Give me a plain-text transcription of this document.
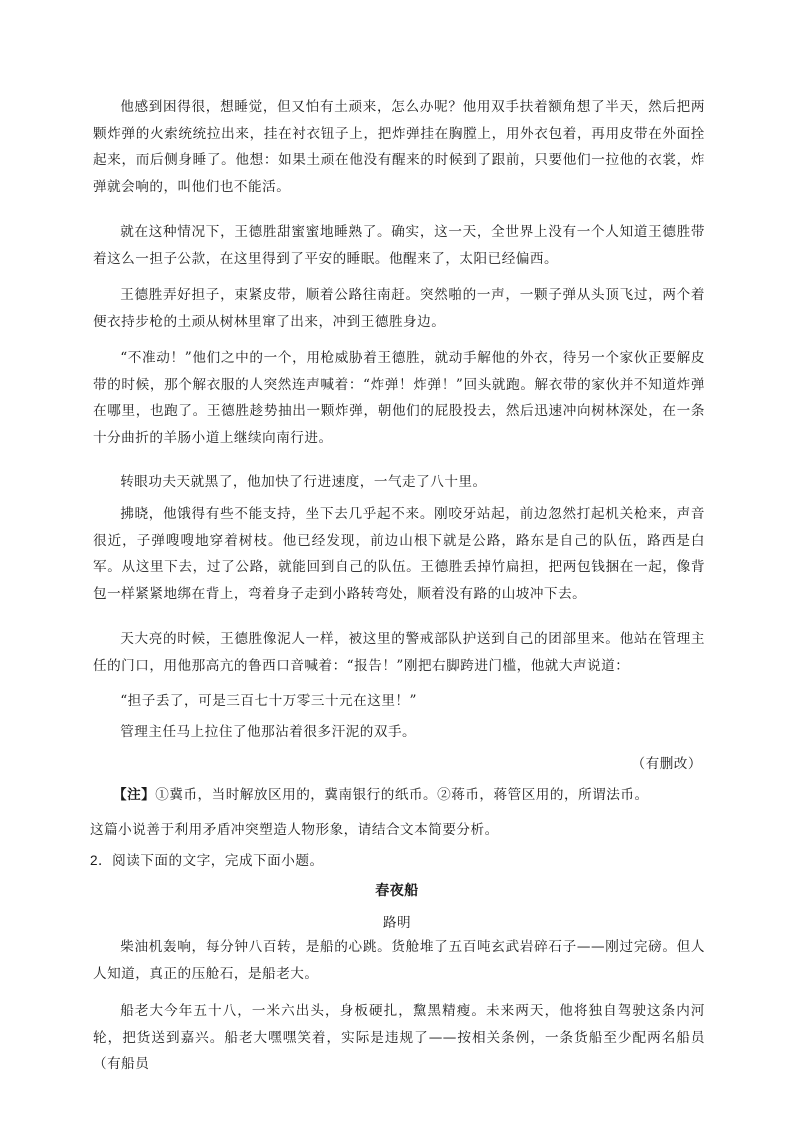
他感到困得很，想睡觉，但又怕有土顽来，怎么办呢？他用双手扶着额角想了半天，然后把两颗炸弹的火索统统拉出来，挂在衬衣钮子上，把炸弹挂在胸膛上，用外衣包着，再用皮带在外面拴起来，而后侧身睡了。他想：如果土顽在他没有醒来的时候到了跟前，只要他们一拉他的衣裳，炸弹就会响的，叫他们也不能活。

就在这种情况下，王德胜甜蜜蜜地睡熟了。确实，这一天，全世界上没有一个人知道王德胜带着这么一担子公款，在这里得到了平安的睡眠。他醒来了，太阳已经偏西。

王德胜弄好担子，束紧皮带，顺着公路往南赶。突然啪的一声，一颗子弹从头顶飞过，两个着便衣持步枪的土顽从树林里窜了出来，冲到王德胜身边。

“不准动！”他们之中的一个，用枪威胁着王德胜，就动手解他的外衣，待另一个家伙正要解皮带的时候，那个解衣服的人突然连声喊着：“炸弹！炸弹！”回头就跑。解衣带的家伙并不知道炸弹在哪里，也跑了。王德胜趁势抽出一颗炸弹，朝他们的屁股投去，然后迅速冲向树林深处，在一条十分曲折的羊肠小道上继续向南行进。

转眼功夫天就黑了，他加快了行进速度，一气走了八十里。

拂晓，他饿得有些不能支持，坐下去几乎起不来。刚咬牙站起，前边忽然打起机关枪来，声音很近，子弹嗖嗖地穿着树枝。他已经发现，前边山根下就是公路，路东是自己的队伍，路西是白军。从这里下去，过了公路，就能回到自己的队伍。王德胜丢掉竹扁担，把两包钱捆在一起，像背包一样紧紧地绑在背上，弯着身子走到小路转弯处，顺着没有路的山坡冲下去。

天大亮的时候，王德胜像泥人一样，被这里的警戒部队护送到自己的团部里来。他站在管理主任的门口，用他那高亢的鲁西口音喊着：“报告！”刚把右脚跨进门槛，他就大声说道：

“担子丢了，可是三百七十万零三十元在这里！”

管理主任马上拉住了他那沾着很多汗泥的双手。

（有删改）
【注】①冀币，当时解放区用的，冀南银行的纸币。②蒋币，蒋管区用的，所谓法币。
这篇小说善于利用矛盾冲突塑造人物形象，请结合文本简要分析。
2．阅读下面的文字，完成下面小题。
春夜船
路明

柴油机轰响，每分钟八百转，是船的心跳。货舱堆了五百吨玄武岩碎石子——刚过完磅。但人人知道，真正的压舱石，是船老大。

船老大今年五十八，一米六出头，身板硬扎，黧黑精瘦。未来两天，他将独自驾驶这条内河轮，把货送到嘉兴。船老大嘿嘿笑着，实际是违规了——按相关条例，一条货船至少配两名船员（有船员
